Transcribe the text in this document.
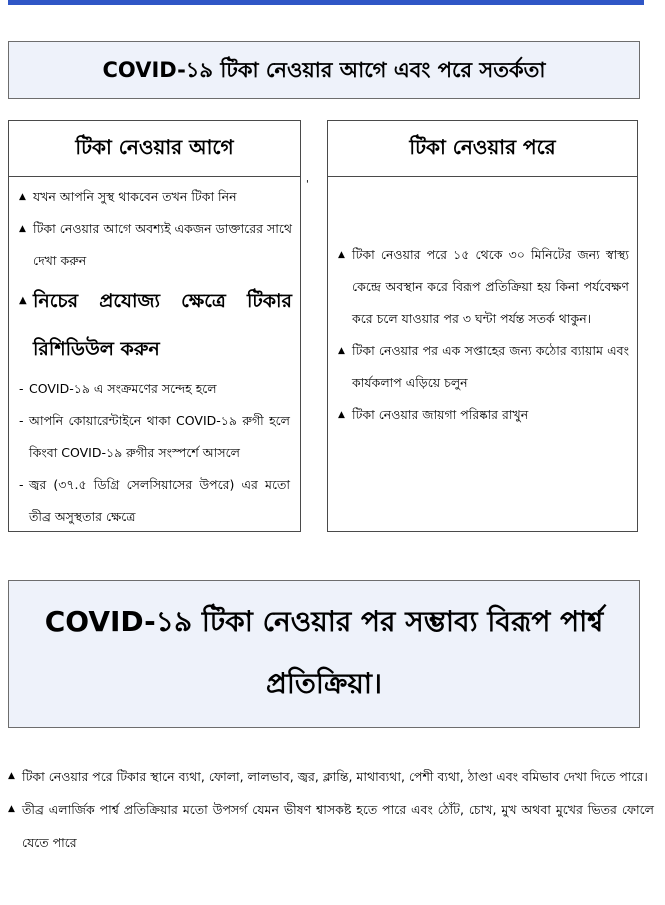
COVID-১৯ টিকা নেওয়ার আগে এবং পরে সতর্কতা
টিকা নেওয়ার আগে
▲ যখন আপনি সুস্থ থাকবেন তখন টিকা নিন
▲ টিকা নেওয়ার আগে অবশ্যই একজন ডাক্তারের সাথে দেখা করুন
▲ নিচের প্রযোজ্য ক্ষেত্রে টিকার রিশিডিউল করুন
- COVID-১৯ এ সংক্রমণের সন্দেহ হলে
- আপনি কোয়ারেন্টাইনে থাকা COVID-১৯ রুগী হলে কিংবা COVID-১৯ রুগীর সংস্পর্শে আসলে
- জ্বর (৩৭.৫ ডিগ্রি সেলসিয়াসের উপরে) এর মতো তীব্র অসুস্থতার ক্ষেত্রে
'
টিকা নেওয়ার পরে
▲ টিকা নেওয়ার পরে ১৫ থেকে ৩০ মিনিটের জন্য স্বাস্থ্য কেন্দ্রে অবস্থান করে বিরূপ প্রতিক্রিয়া হয় কিনা পর্যবেক্ষণ করে চলে যাওয়ার পর ৩ ঘন্টা পর্যন্ত সতর্ক থাকুন।
▲ টিকা নেওয়ার পর এক সপ্তাহের জন্য কঠোর ব্যায়াম এবং কার্যকলাপ এড়িয়ে চলুন
▲ টিকা নেওয়ার জায়গা পরিষ্কার রাখুন
COVID-১৯ টিকা নেওয়ার পর সম্ভাব্য বিরূপ পার্শ্ব প্রতিক্রিয়া।
▲ টিকা নেওয়ার পরে টিকার স্থানে ব্যথা, ফোলা, লালভাব, জ্বর, ক্লান্তি, মাথাব্যথা, পেশী ব্যথা, ঠাণ্ডা এবং বমিভাব দেখা দিতে পারে।
▲ তীব্র এলার্জিক পার্শ্ব প্রতিক্রিয়ার মতো উপসর্গ যেমন ভীষণ শ্বাসকষ্ট হতে পারে এবং ঠোঁট, চোখ, মুখ অথবা মুখের ভিতর ফোলে যেতে পারে
